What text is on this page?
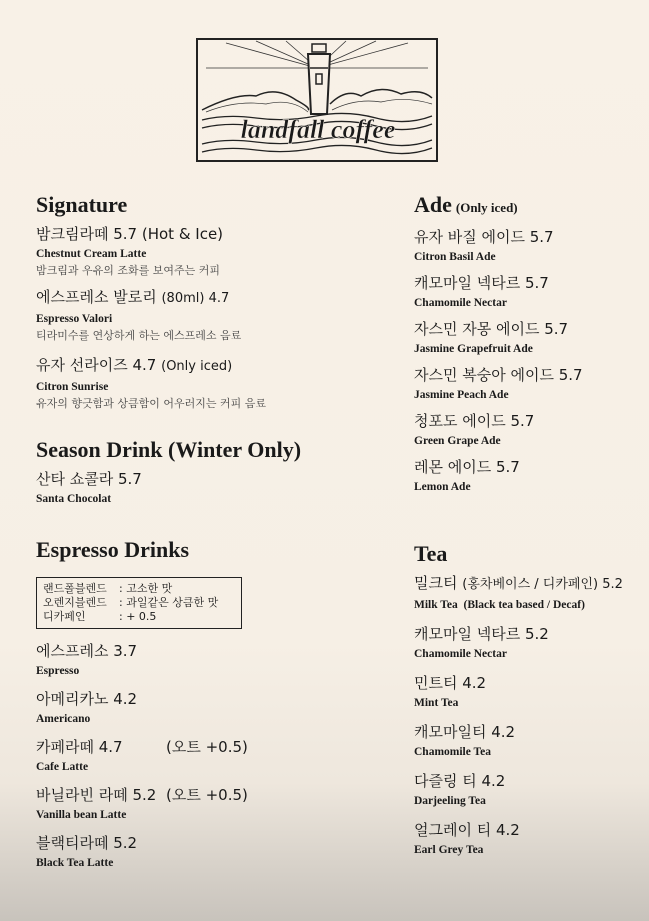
landfall coffee
Signature
밤크림라떼 5.7 (Hot & Ice)
Chestnut Cream Latte
밤크림과 우유의 조화를 보여주는 커피
에스프레소 발로리 (80ml) 4.7
Espresso Valori
티라미수를 연상하게 하는 에스프레소 음료
유자 선라이즈 4.7 (Only iced)
Citron Sunrise
유자의 향긋함과 상큼함이 어우러지는 커피 음료
Season Drink (Winter Only)
산타 쇼콜라 5.7
Santa Chocolat
Espresso Drinks
랜드폴블렌드	: 고소한 맛
오렌지블렌드	: 과일같은 상큼한 맛
디카페인	: + 0.5
에스프레소 3.7
Espresso
아메리카노 4.2
Americano
카페라떼 4.7	(오트 +0.5)
Cafe Latte
바닐라빈 라떼 5.2 (오트 +0.5)
Vanilla bean Latte
블랙티라떼 5.2
Black Tea Latte
Ade (Only iced)
유자 바질 에이드 5.7
Citron Basil Ade
캐모마일 넥타르 5.7
Chamomile Nectar
자스민 자몽 에이드 5.7
Jasmine Grapefruit Ade
자스민 복숭아 에이드 5.7
Jasmine Peach Ade
청포도 에이드 5.7
Green Grape Ade
레몬 에이드 5.7
Lemon Ade
Tea
밀크티 (홍차베이스 / 디카페인) 5.2
Milk Tea  (Black tea based / Decaf)
캐모마일 넥타르 5.2
Chamomile Nectar
민트티 4.2
Mint Tea
캐모마일티 4.2
Chamomile Tea
다즐링 티 4.2
Darjeeling Tea
얼그레이 티 4.2
Earl Grey Tea
